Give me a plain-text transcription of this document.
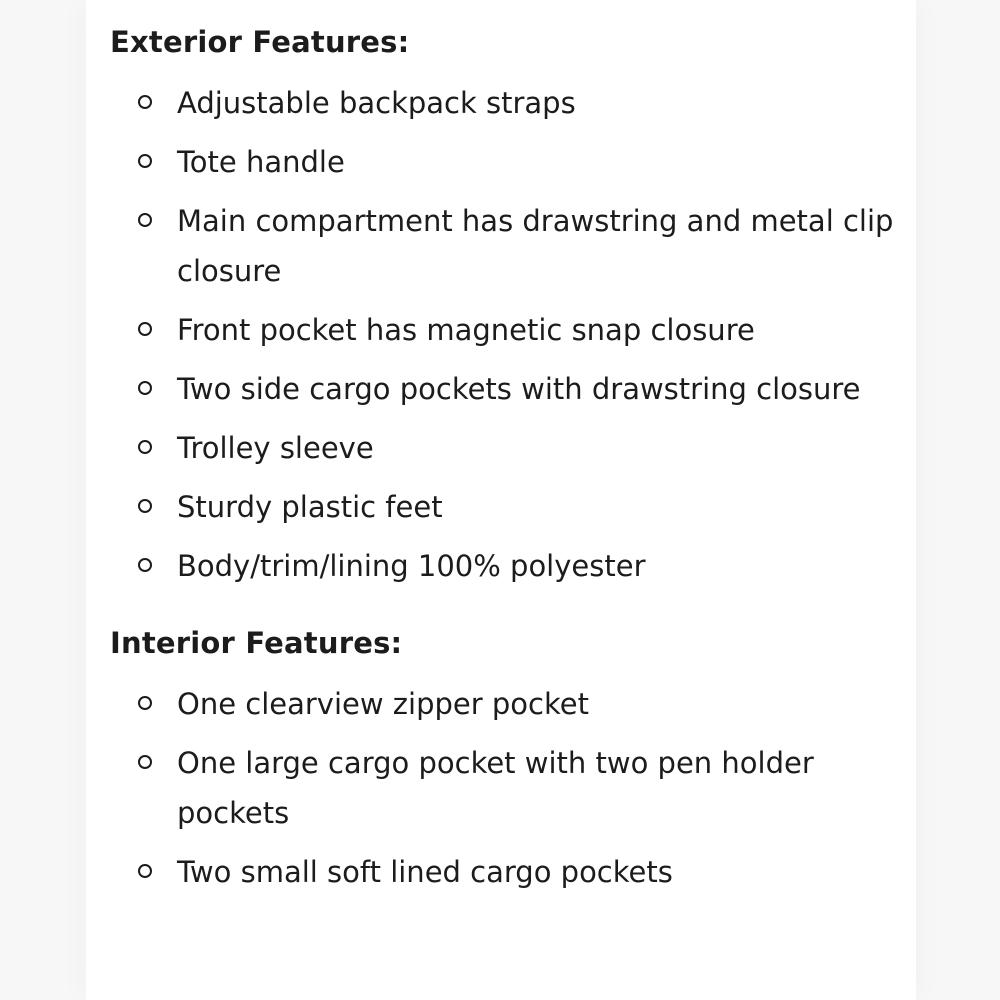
Exterior Features:
Adjustable backpack straps
Tote handle
Main compartment has drawstring and metal clip closure
Front pocket has magnetic snap closure
Two side cargo pockets with drawstring closure
Trolley sleeve
Sturdy plastic feet
Body/trim/lining 100% polyester
Interior Features:
One clearview zipper pocket
One large cargo pocket with two pen holder pockets
Two small soft lined cargo pockets
